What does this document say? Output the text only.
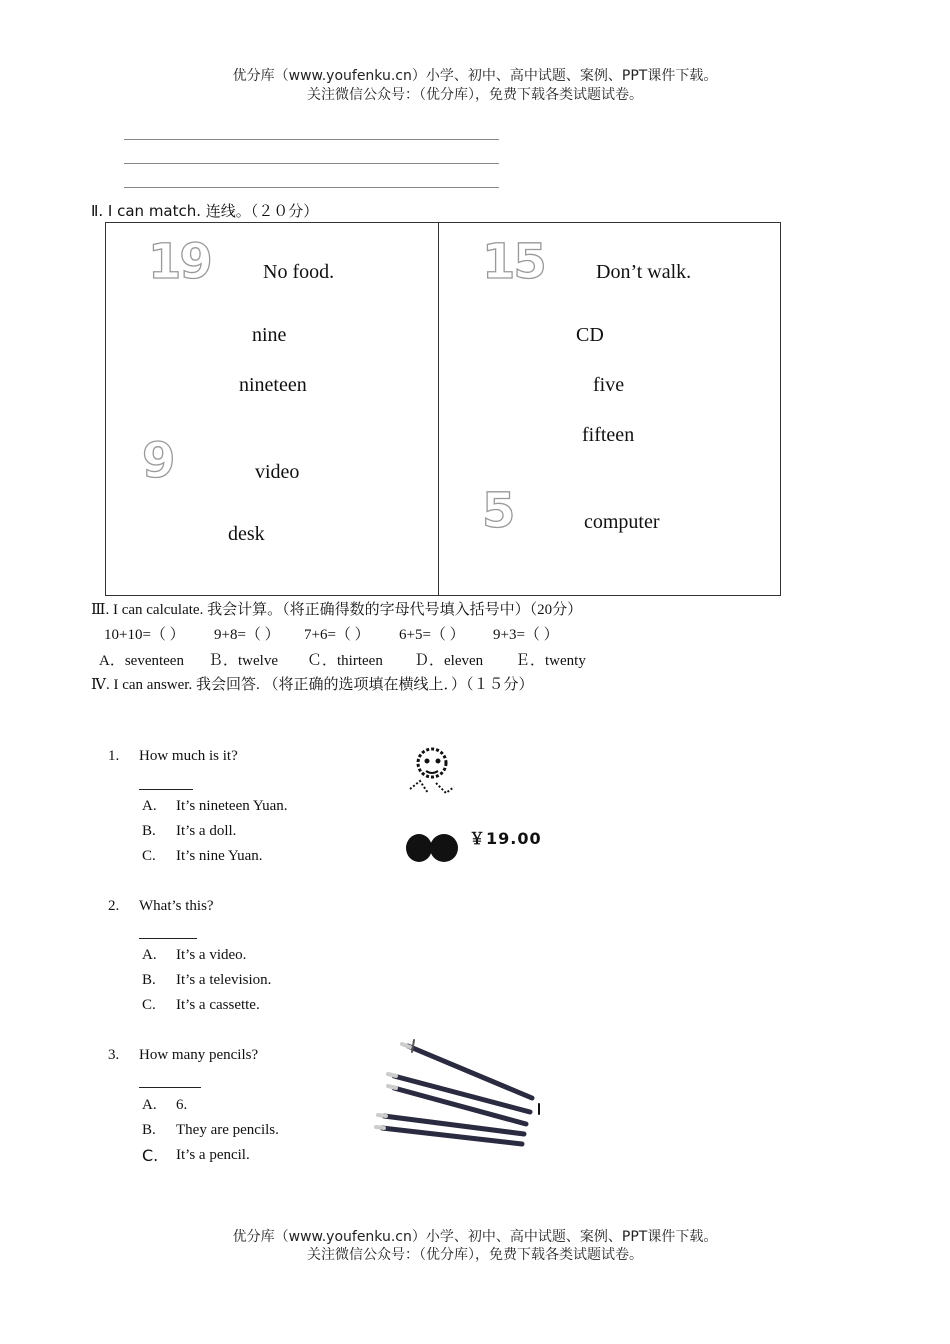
优分库（www.youfenku.cn）小学、初中、高中试题、案例、PPT课件下载。
关注微信公众号：（优分库），免费下载各类试题试卷。
Ⅱ. I can match. 连线。（２０分）
19	No food.
nine
nineteen
9	video
desk
15	Don’t walk.
CD
five
fifteen
5	computer
Ⅲ. I can calculate. 我会计算。（将正确得数的字母代号填入括号中）（20分）
10+10=（ ） 9+8=（ ） 7+6=（ ） 6+5=（ ） 9+3=（ ）
A．seventeen Ｂ．twelve Ｃ．thirteen Ｄ．eleven Ｅ．twenty
Ⅳ. I can answer. 我会回答. （将正确的选项填在横线上．）（１５分）
1. How much is it?
A. It’s nineteen Yuan.
B. It’s a doll.
C. It’s nine Yuan.
￥19.00
2. What’s this?
A. It’s a video.
B. It’s a television.
C. It’s a cassette.
3. How many pencils?
A. 6.
B. They are pencils.
C. It’s a pencil.
优分库（www.youfenku.cn）小学、初中、高中试题、案例、PPT课件下载。
关注微信公众号：（优分库），免费下载各类试题试卷。
